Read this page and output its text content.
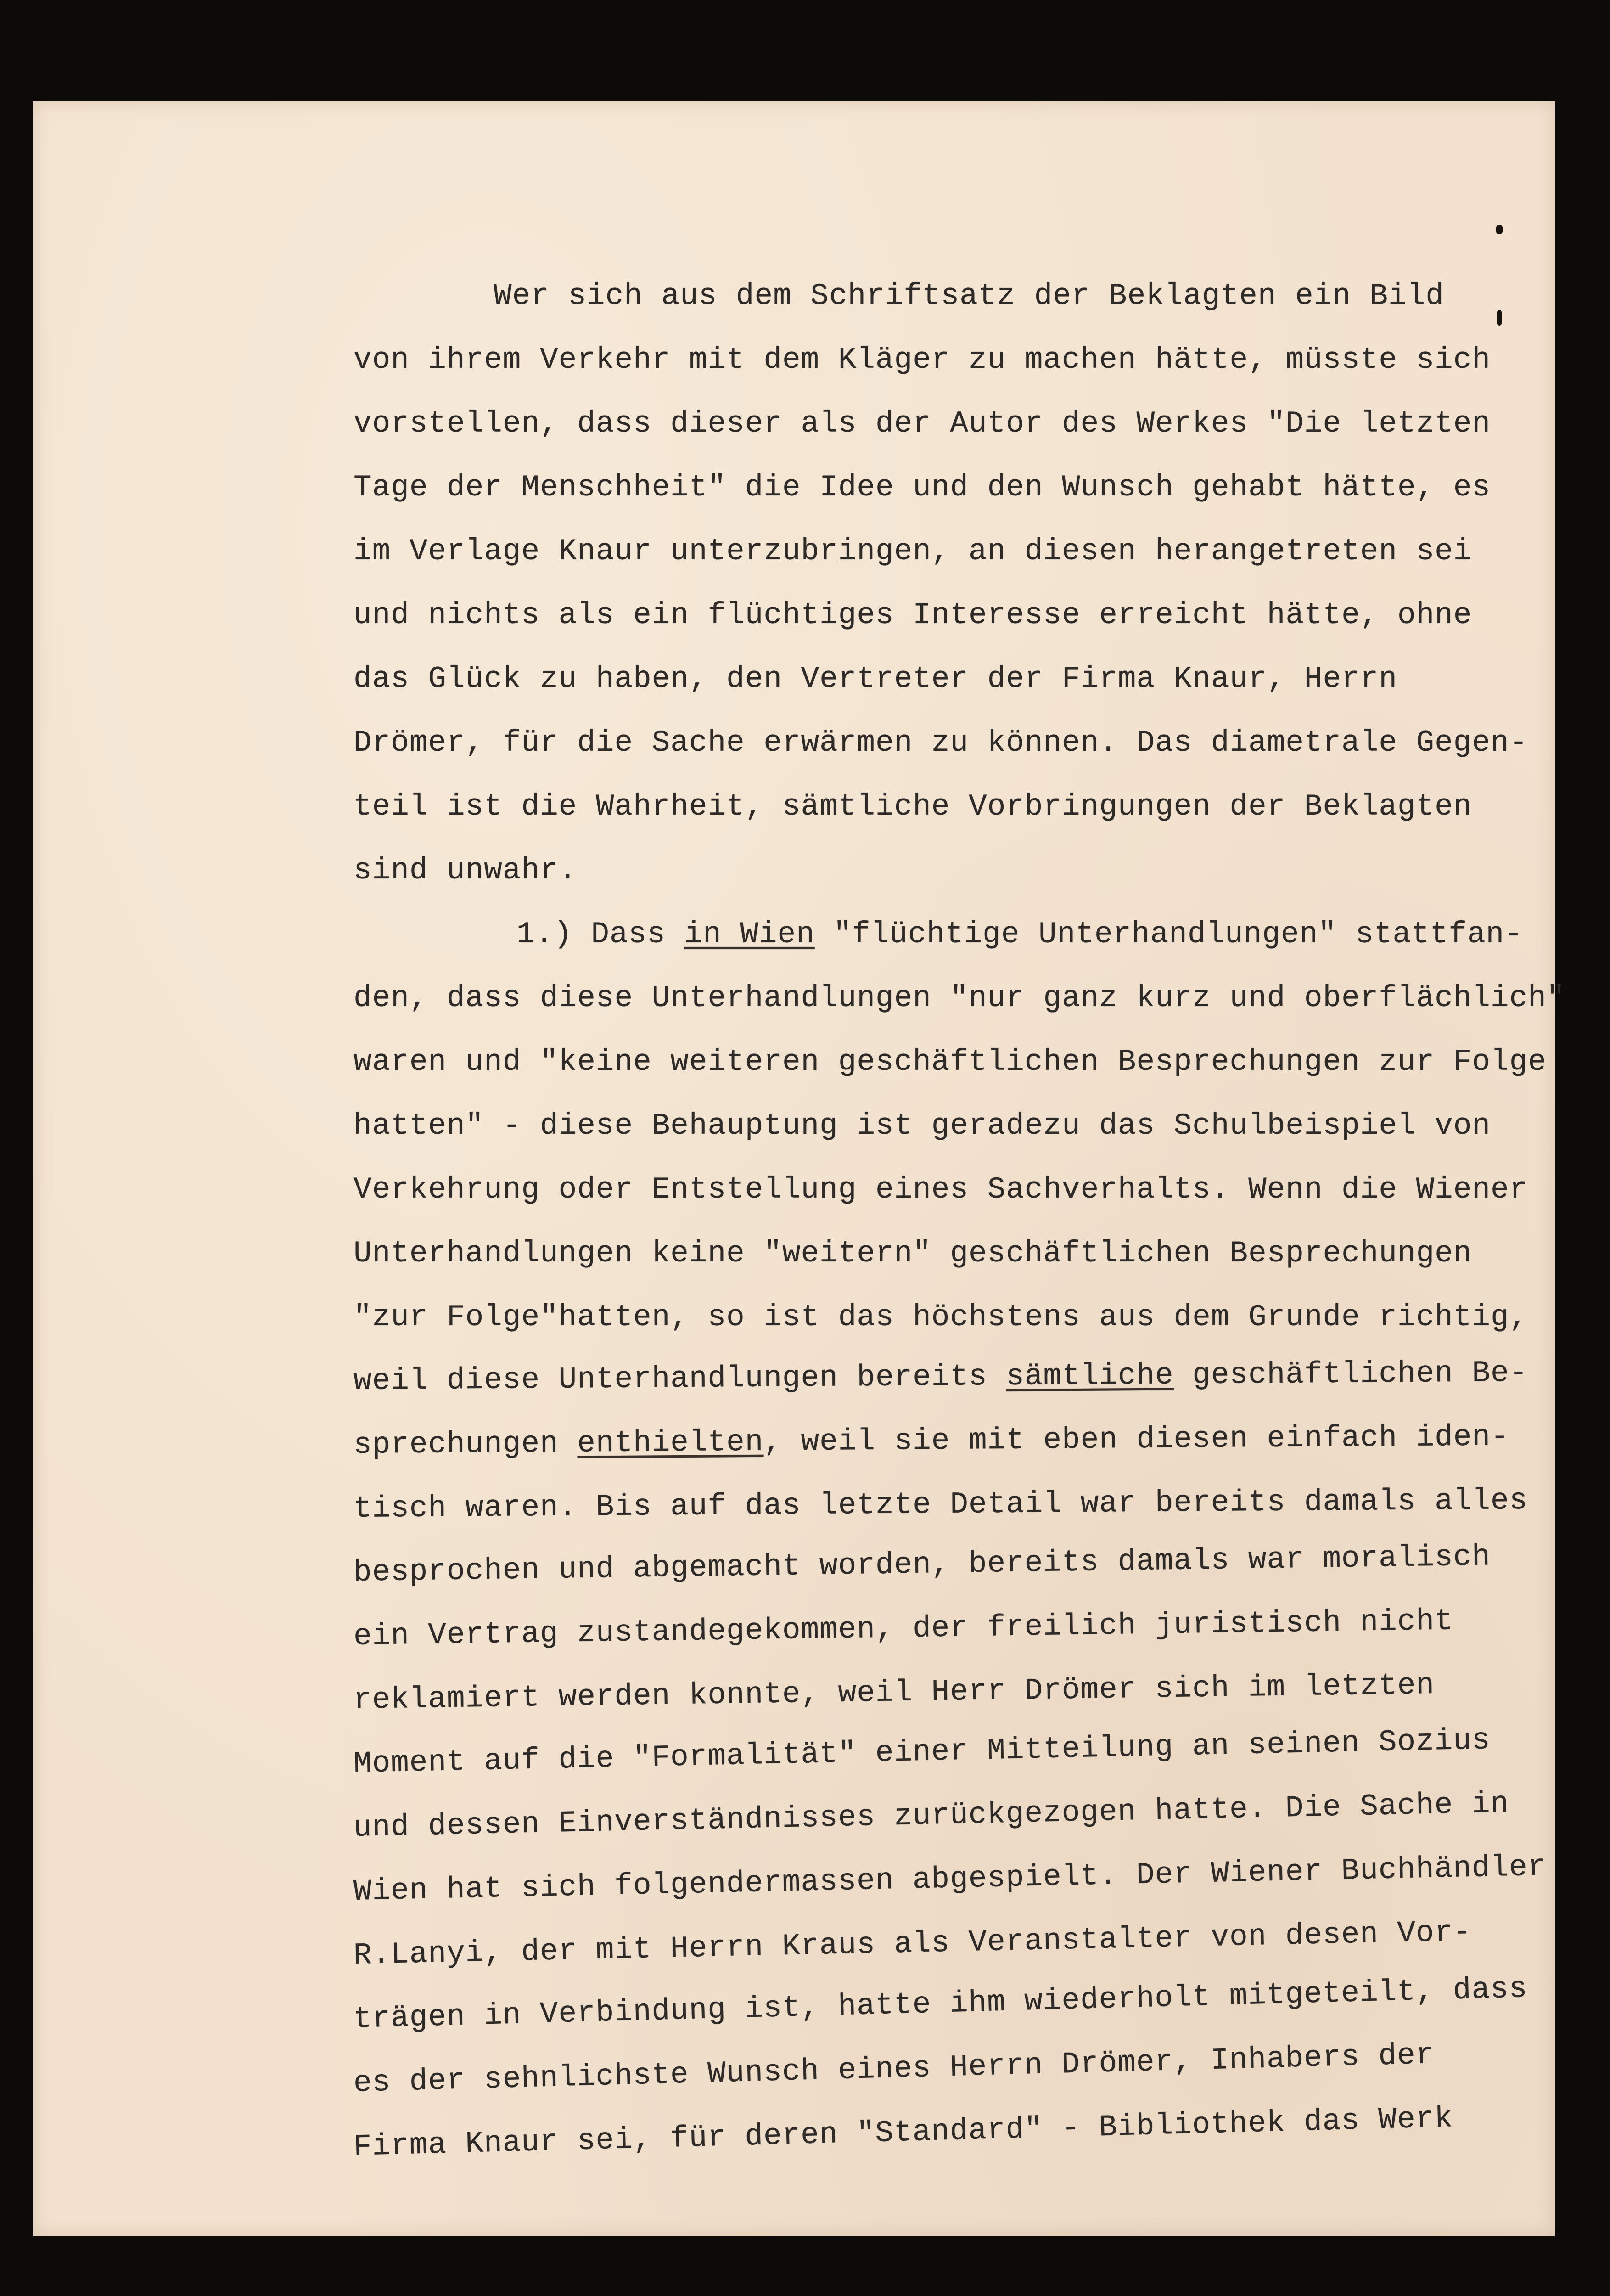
Wer sich aus dem Schriftsatz der Beklagten ein Bild
von ihrem Verkehr mit dem Kläger zu machen hätte, müsste sich
vorstellen, dass dieser als der Autor des Werkes "Die letzten
Tage der Menschheit" die Idee und den Wunsch gehabt hätte, es
im Verlage Knaur unterzubringen, an diesen herangetreten sei
und nichts als ein flüchtiges Interesse erreicht hätte, ohne
das Glück zu haben, den Vertreter der Firma Knaur, Herrn
Drömer, für die Sache erwärmen zu können. Das diametrale Gegen-
teil ist die Wahrheit, sämtliche Vorbringungen der Beklagten
sind unwahr.
1.) Dass in Wien "flüchtige Unterhandlungen" stattfan-
den, dass diese Unterhandlungen "nur ganz kurz und oberflächlich"
waren und "keine weiteren geschäftlichen Besprechungen zur Folge
hatten" - diese Behauptung ist geradezu das Schulbeispiel von
Verkehrung oder Entstellung eines Sachverhalts. Wenn die Wiener
Unterhandlungen keine "weitern" geschäftlichen Besprechungen
"zur Folge"hatten, so ist das höchstens aus dem Grunde richtig,
weil diese Unterhandlungen bereits sämtliche geschäftlichen Be-
sprechungen enthielten, weil sie mit eben diesen einfach iden-
tisch waren. Bis auf das letzte Detail war bereits damals alles
besprochen und abgemacht worden, bereits damals war moralisch
ein Vertrag zustandegekommen, der freilich juristisch nicht
reklamiert werden konnte, weil Herr Drömer sich im letzten
Moment auf die "Formalität" einer Mitteilung an seinen Sozius
und dessen Einverständnisses zurückgezogen hatte. Die Sache in
Wien hat sich folgendermassen abgespielt. Der Wiener Buchhändler
R.Lanyi, der mit Herrn Kraus als Veranstalter von desen Vor-
trägen in Verbindung ist, hatte ihm wiederholt mitgeteilt, dass
es der sehnlichste Wunsch eines Herrn Drömer, Inhabers der
Firma Knaur sei, für deren "Standard" - Bibliothek das Werk
